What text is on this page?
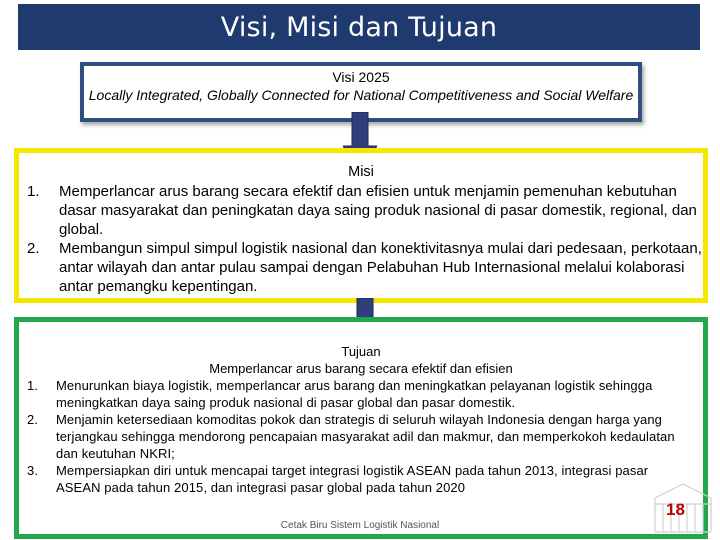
Visi, Misi dan Tujuan
Visi 2025
Locally Integrated, Globally Connected for National Competitiveness and Social Welfare
Misi
1. Memperlancar arus barang secara efektif dan efisien untuk menjamin pemenuhan kebutuhan dasar masyarakat dan peningkatan daya saing produk nasional di pasar domestik, regional, dan global.
2. Membangun simpul simpul logistik nasional dan konektivitasnya mulai dari pedesaan, perkotaan, antar wilayah dan antar pulau sampai dengan Pelabuhan Hub Internasional melalui kolaborasi antar pemangku kepentingan.
Tujuan
Memperlancar arus barang secara efektif dan efisien
1. Menurunkan biaya logistik, memperlancar arus barang dan meningkatkan pelayanan logistik sehingga meningkatkan daya saing produk nasional di pasar global dan pasar domestik.
2. Menjamin ketersediaan komoditas pokok dan strategis di seluruh wilayah Indonesia dengan harga yang terjangkau sehingga mendorong pencapaian masyarakat adil dan makmur, dan memperkokoh kedaulatan dan keutuhan NKRI;
3. Mempersiapkan diri untuk mencapai target integrasi logistik ASEAN pada tahun 2013, integrasi pasar ASEAN pada tahun 2015, dan integrasi pasar global pada tahun 2020
18
Cetak Biru Sistem Logistik Nasional
